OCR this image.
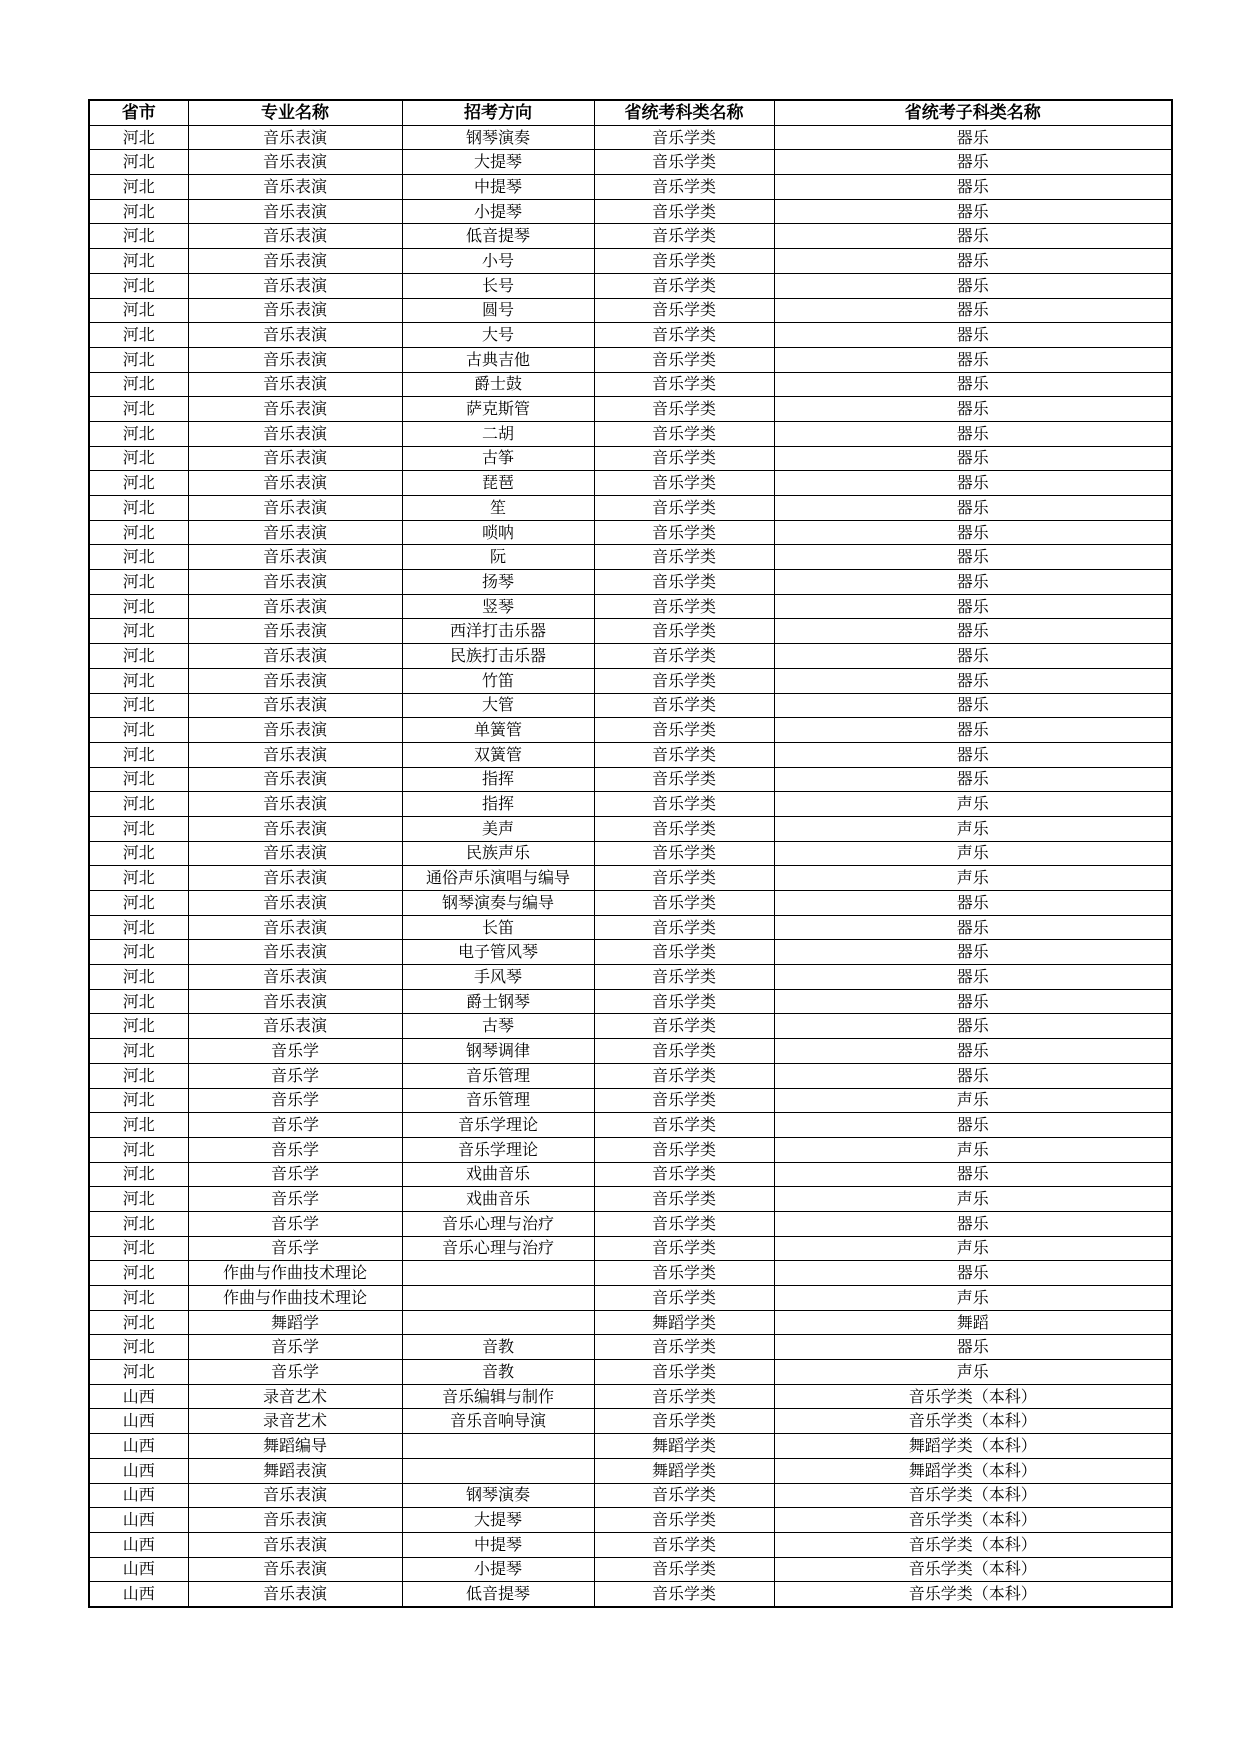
省市	专业名称	招考方向	省统考科类名称	省统考子科类名称
河北	音乐表演	钢琴演奏	音乐学类	器乐
河北	音乐表演	大提琴	音乐学类	器乐
河北	音乐表演	中提琴	音乐学类	器乐
河北	音乐表演	小提琴	音乐学类	器乐
河北	音乐表演	低音提琴	音乐学类	器乐
河北	音乐表演	小号	音乐学类	器乐
河北	音乐表演	长号	音乐学类	器乐
河北	音乐表演	圆号	音乐学类	器乐
河北	音乐表演	大号	音乐学类	器乐
河北	音乐表演	古典吉他	音乐学类	器乐
河北	音乐表演	爵士鼓	音乐学类	器乐
河北	音乐表演	萨克斯管	音乐学类	器乐
河北	音乐表演	二胡	音乐学类	器乐
河北	音乐表演	古筝	音乐学类	器乐
河北	音乐表演	琵琶	音乐学类	器乐
河北	音乐表演	笙	音乐学类	器乐
河北	音乐表演	唢呐	音乐学类	器乐
河北	音乐表演	阮	音乐学类	器乐
河北	音乐表演	扬琴	音乐学类	器乐
河北	音乐表演	竖琴	音乐学类	器乐
河北	音乐表演	西洋打击乐器	音乐学类	器乐
河北	音乐表演	民族打击乐器	音乐学类	器乐
河北	音乐表演	竹笛	音乐学类	器乐
河北	音乐表演	大管	音乐学类	器乐
河北	音乐表演	单簧管	音乐学类	器乐
河北	音乐表演	双簧管	音乐学类	器乐
河北	音乐表演	指挥	音乐学类	器乐
河北	音乐表演	指挥	音乐学类	声乐
河北	音乐表演	美声	音乐学类	声乐
河北	音乐表演	民族声乐	音乐学类	声乐
河北	音乐表演	通俗声乐演唱与编导	音乐学类	声乐
河北	音乐表演	钢琴演奏与编导	音乐学类	器乐
河北	音乐表演	长笛	音乐学类	器乐
河北	音乐表演	电子管风琴	音乐学类	器乐
河北	音乐表演	手风琴	音乐学类	器乐
河北	音乐表演	爵士钢琴	音乐学类	器乐
河北	音乐表演	古琴	音乐学类	器乐
河北	音乐学	钢琴调律	音乐学类	器乐
河北	音乐学	音乐管理	音乐学类	器乐
河北	音乐学	音乐管理	音乐学类	声乐
河北	音乐学	音乐学理论	音乐学类	器乐
河北	音乐学	音乐学理论	音乐学类	声乐
河北	音乐学	戏曲音乐	音乐学类	器乐
河北	音乐学	戏曲音乐	音乐学类	声乐
河北	音乐学	音乐心理与治疗	音乐学类	器乐
河北	音乐学	音乐心理与治疗	音乐学类	声乐
河北	作曲与作曲技术理论		音乐学类	器乐
河北	作曲与作曲技术理论		音乐学类	声乐
河北	舞蹈学		舞蹈学类	舞蹈
河北	音乐学	音教	音乐学类	器乐
河北	音乐学	音教	音乐学类	声乐
山西	录音艺术	音乐编辑与制作	音乐学类	音乐学类（本科）
山西	录音艺术	音乐音响导演	音乐学类	音乐学类（本科）
山西	舞蹈编导		舞蹈学类	舞蹈学类（本科）
山西	舞蹈表演		舞蹈学类	舞蹈学类（本科）
山西	音乐表演	钢琴演奏	音乐学类	音乐学类（本科）
山西	音乐表演	大提琴	音乐学类	音乐学类（本科）
山西	音乐表演	中提琴	音乐学类	音乐学类（本科）
山西	音乐表演	小提琴	音乐学类	音乐学类（本科）
山西	音乐表演	低音提琴	音乐学类	音乐学类（本科）
